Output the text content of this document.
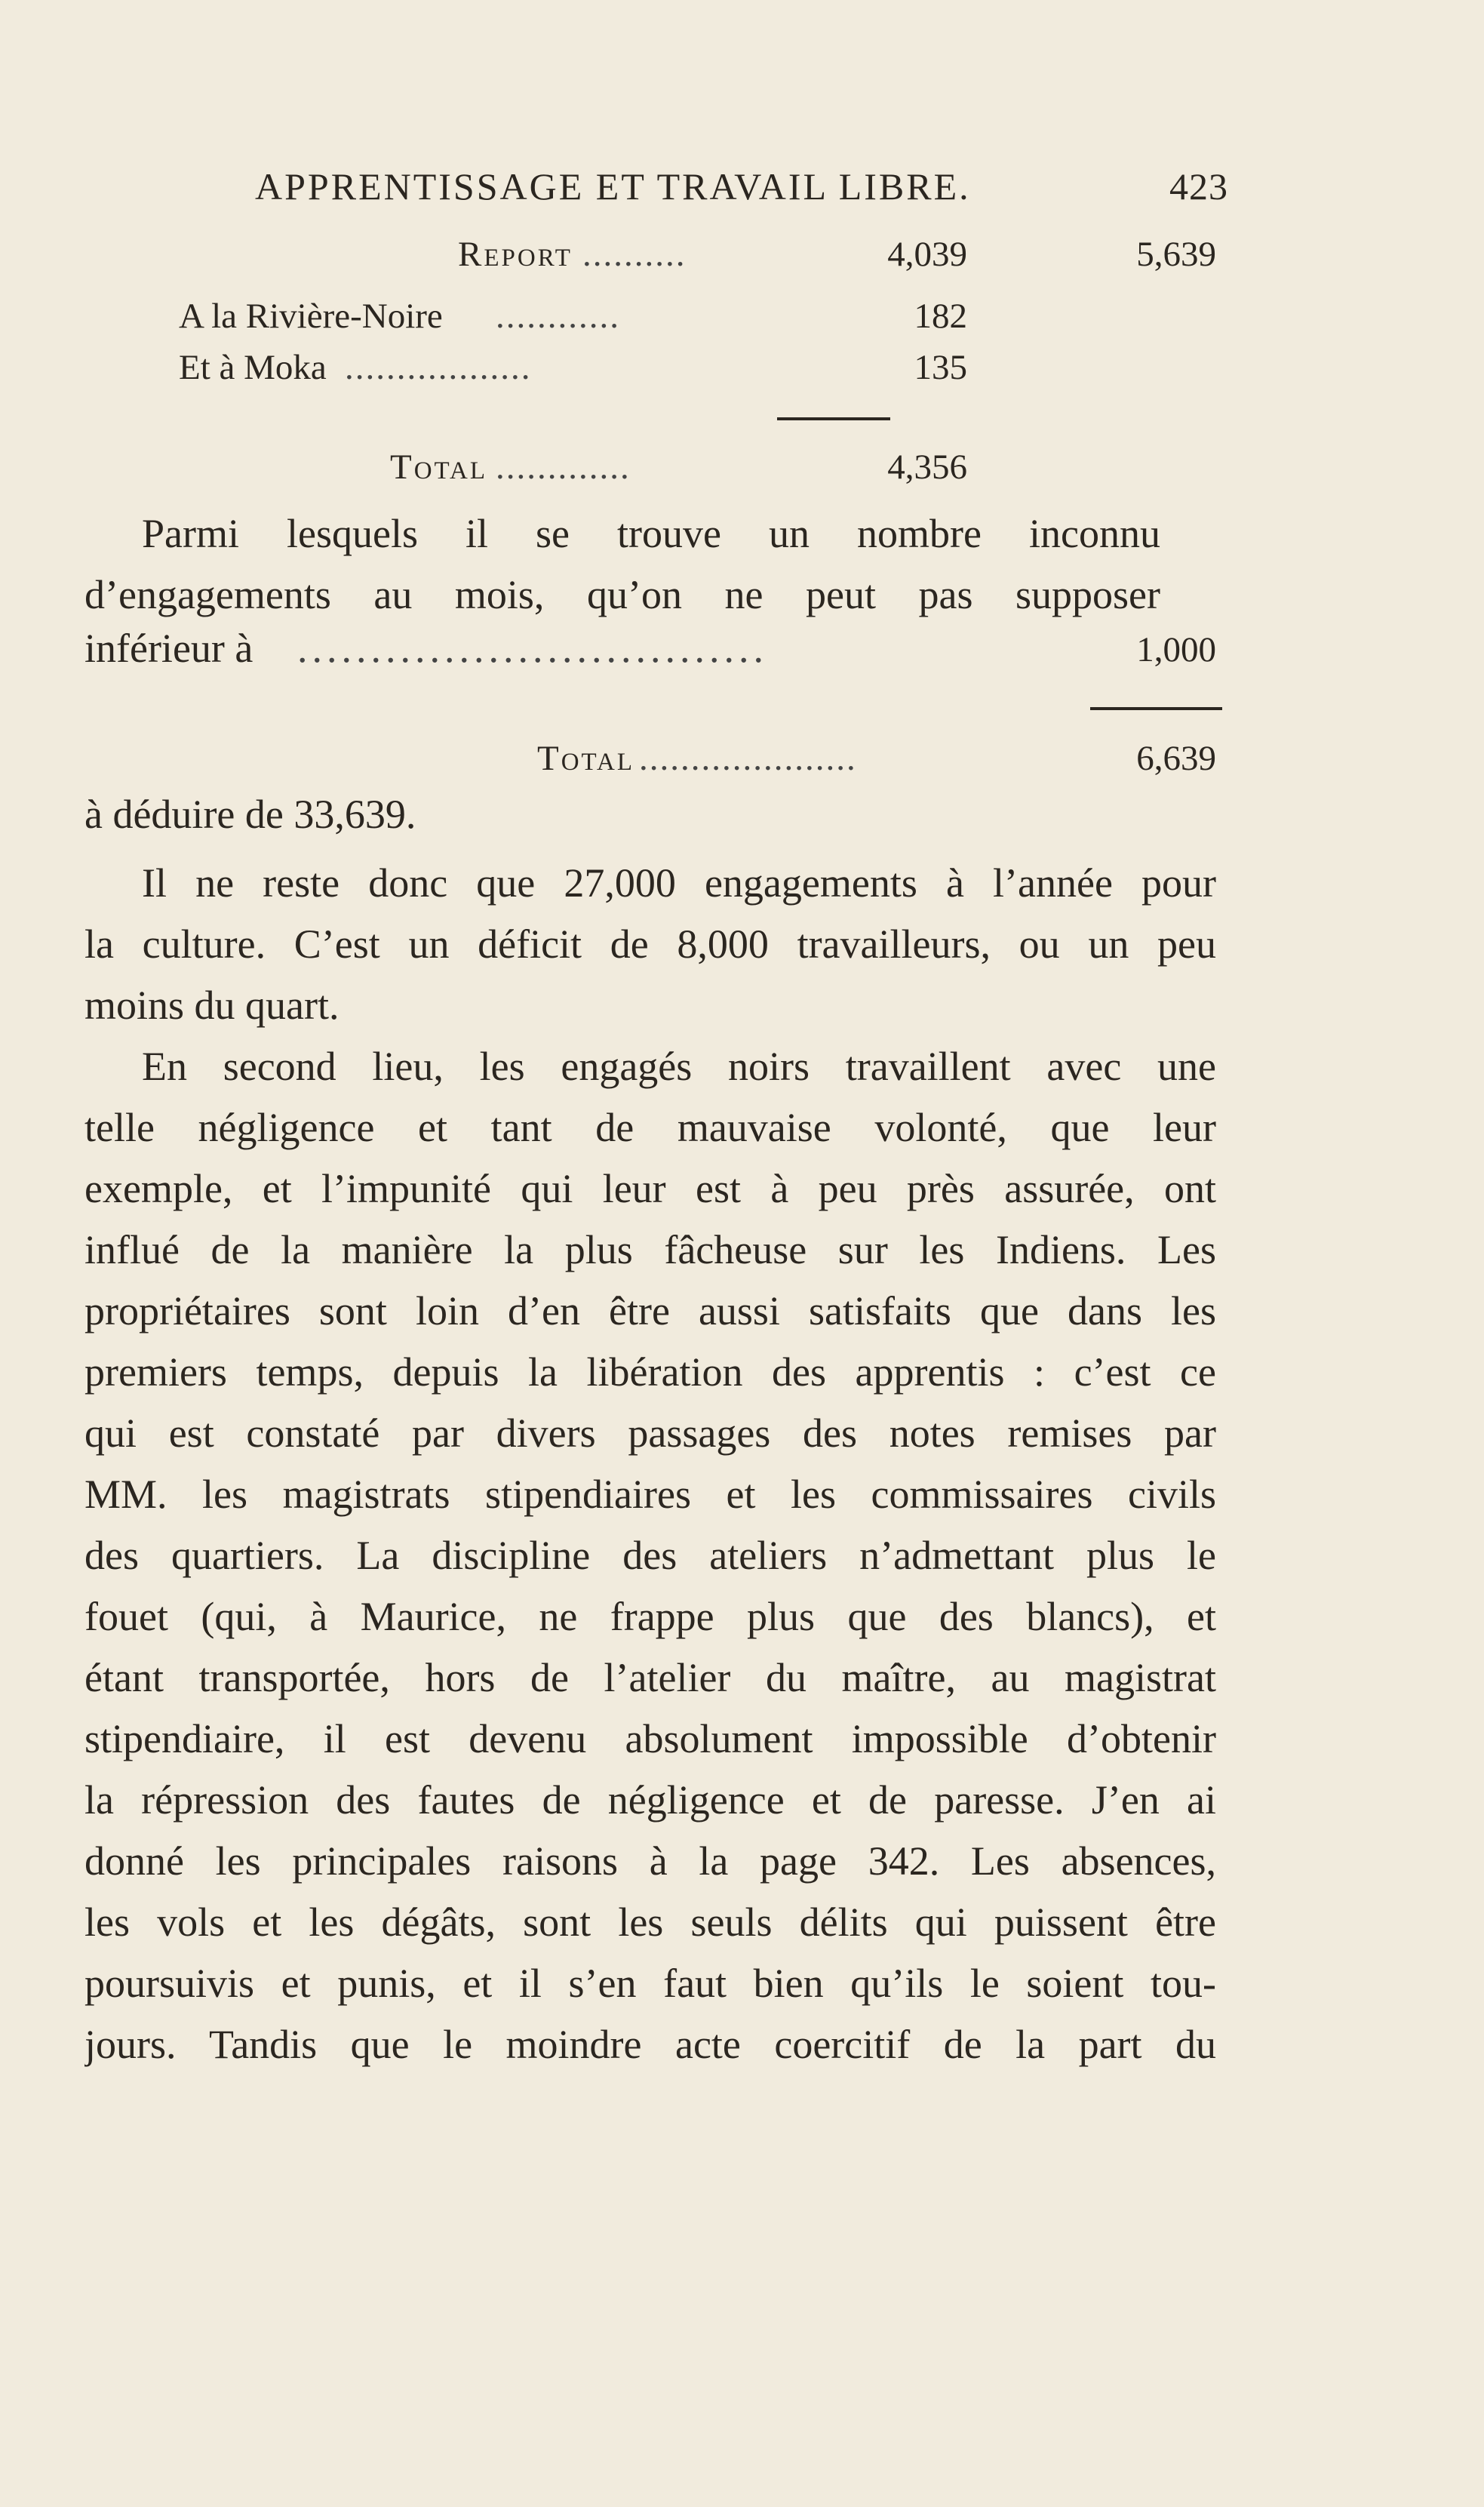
APPRENTISSAGE ET TRAVAIL LIBRE.	423
Report ..........	4,039	5,639
A la Rivière-Noire ............	182
Et à Moka ..................	135
Total .............	4,356
Parmi lesquels il se trouve un nombre inconnu
d’engagements au mois, qu’on ne peut pas supposer
inférieur à ................................	1,000
Total .....................	6,639
à déduire de 33,639.
Il ne reste donc que 27,000 engagements à l’année pour
la culture. C’est un déficit de 8,000 travailleurs, ou un peu
moins du quart.
En second lieu, les engagés noirs travaillent avec une
telle négligence et tant de mauvaise volonté, que leur
exemple, et l’impunité qui leur est à peu près assurée, ont
influé de la manière la plus fâcheuse sur les Indiens. Les
propriétaires sont loin d’en être aussi satisfaits que dans les
premiers temps, depuis la libération des apprentis : c’est ce
qui est constaté par divers passages des notes remises par
MM. les magistrats stipendiaires et les commissaires civils
des quartiers. La discipline des ateliers n’admettant plus le
fouet (qui, à Maurice, ne frappe plus que des blancs), et
étant transportée, hors de l’atelier du maître, au magistrat
stipendiaire, il est devenu absolument impossible d’obtenir
la répression des fautes de négligence et de paresse. J’en ai
donné les principales raisons à la page 342. Les absences,
les vols et les dégâts, sont les seuls délits qui puissent être
poursuivis et punis, et il s’en faut bien qu’ils le soient tou-
jours. Tandis que le moindre acte coercitif de la part du
